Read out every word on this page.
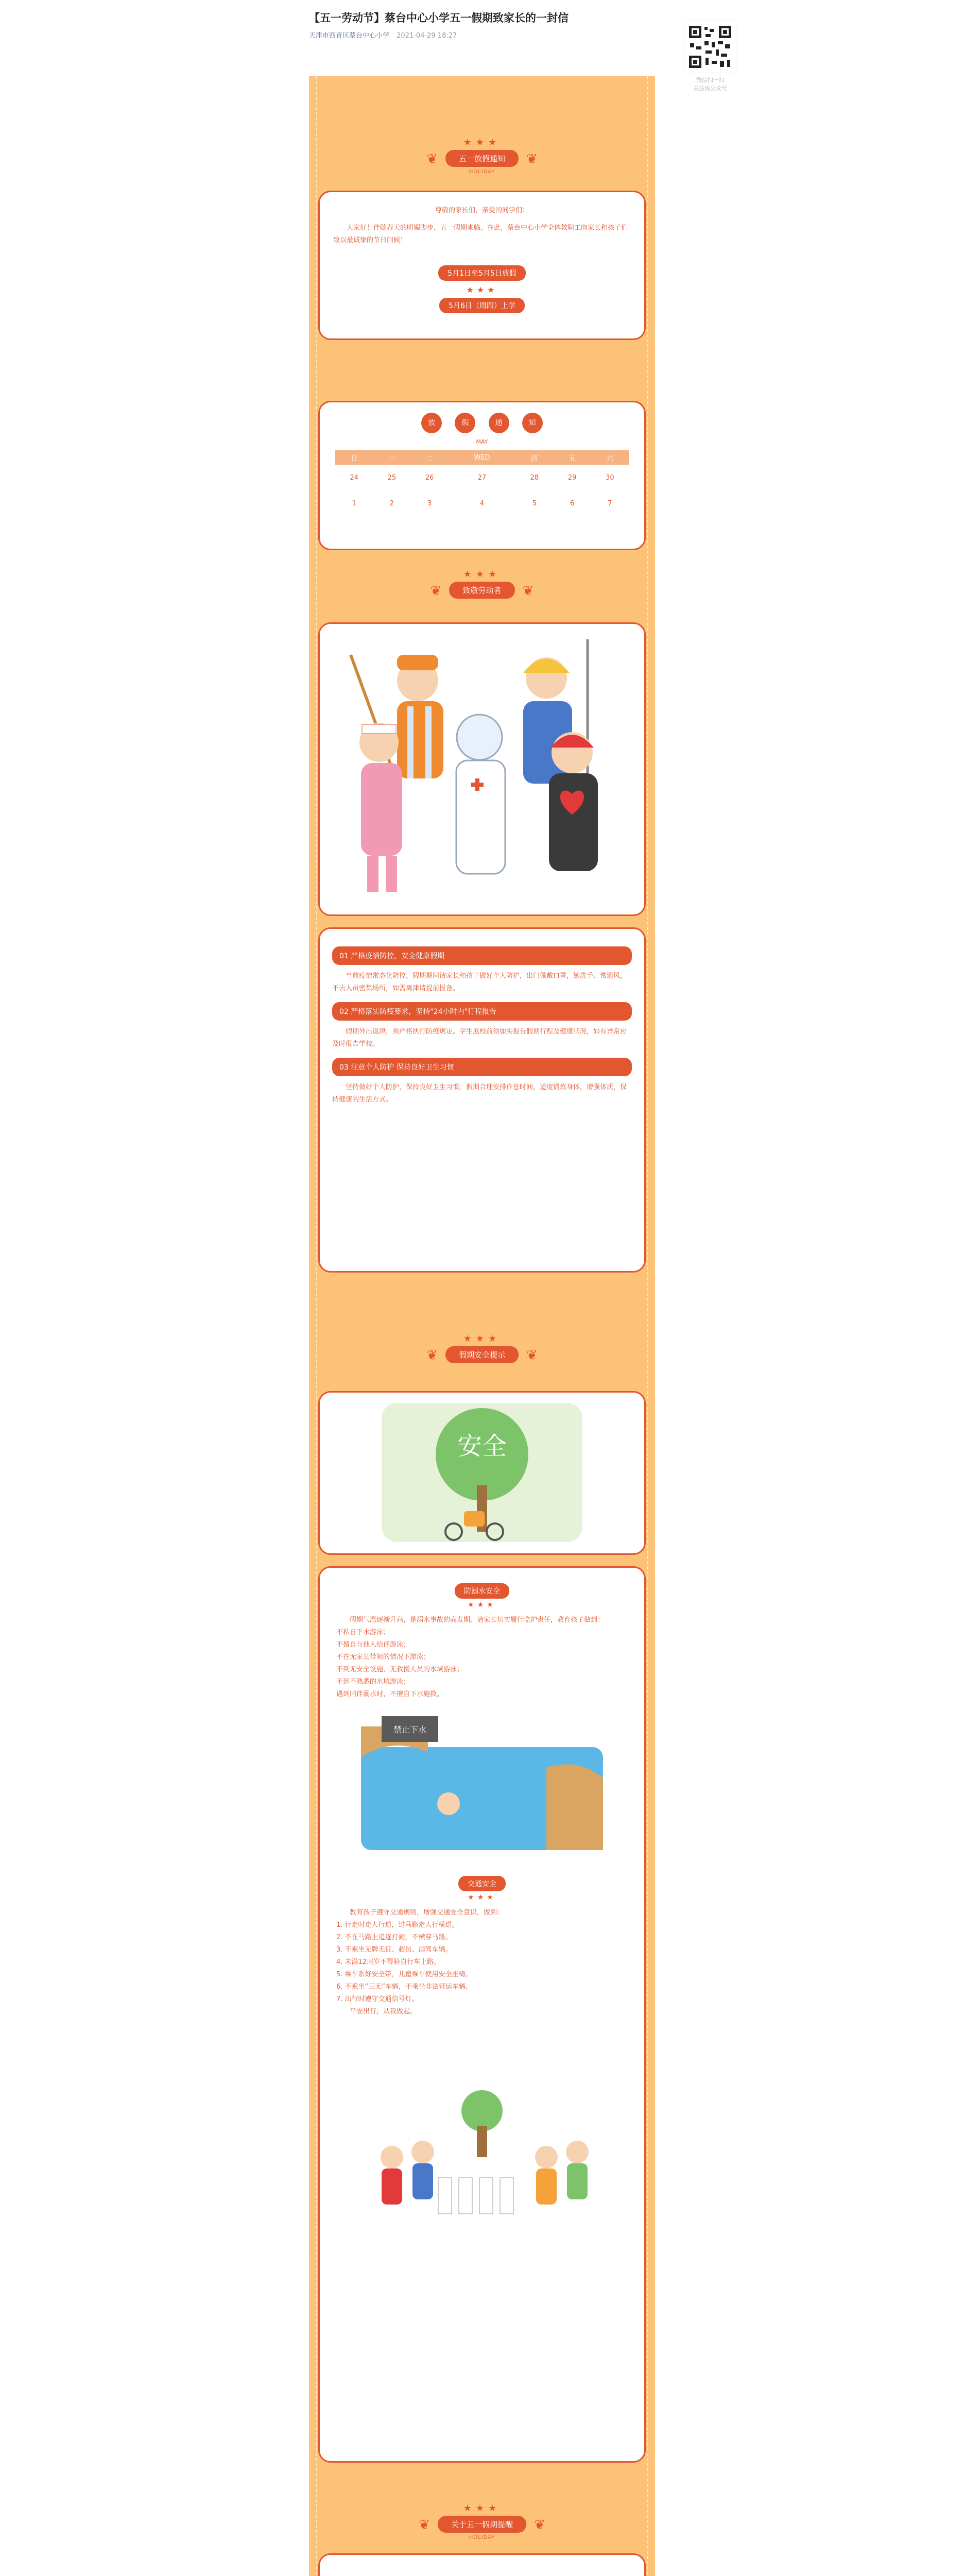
【五一劳动节】蔡台中心小学五一假期致家长的一封信
天津市西青区蔡台中心小学 2021-04-29 18:27
微信扫一扫
关注该公众号
★★★
❦	五一放假通知 ❦
HOLIDAY

尊敬的家长们，亲爱的同学们：

大家好！伴随春天的明媚脚步，五一假期来临。在此，蔡台中心小学全体教职工向家长和孩子们致以最诚挚的节日问候！

5月1日至5月5日放假
★★★
5月6日（周四）上学
放	假	通	知
MAY
日	一	二	WED	四	五	六
24	25	26	27	28	29	30
1	2	3	4	5	6	7
★★★
❦	致敬劳动者 ❦
01 严格疫情防控，安全健康假期

当前疫情常态化防控，假期期间请家长和孩子做好个人防护，出门佩戴口罩，勤洗手、常通风，不去人员密集场所，如需离津请提前报备。

02 严格落实防疫要求，坚持"24小时内"行程报告

假期外出返津，须严格执行防疫规定。学生返校前须如实报告假期行程及健康状况，如有异常应及时报告学校。

03 注意个人防护 保持良好卫生习惯

坚持做好个人防护，保持良好卫生习惯。假期合理安排作息时间，适度锻炼身体，增强体质，保持健康的生活方式。

★★★
❦	假期安全提示 ❦
安全
防溺水安全
★★★

假期气温逐渐升高，是溺水事故的高发期。请家长切实履行监护责任，教育孩子做到：

不私自下水游泳；

不擅自与他人结伴游泳；

不在无家长带领的情况下游泳；

不到无安全设施、无救援人员的水域游泳；

不到不熟悉的水域游泳；

遇到同伴溺水时，不擅自下水施救。

禁止下水
交通安全
★★★

教育孩子遵守交通规则，增强交通安全意识，做到：

1. 行走时走人行道，过马路走人行横道。

2. 不在马路上追逐打闹，不横穿马路。

3. 不乘坐无牌无证、超员、酒驾车辆。

4. 未满12周岁不得骑自行车上路。

5. 乘车系好安全带，儿童乘车使用安全座椅。

6. 不乘坐“三无”车辆，不乘坐非法营运车辆。

7. 出行时遵守交通信号灯。

平安出行，从我做起。

★★★
❦	关于五一假期提醒 ❦
HOLIDAY
